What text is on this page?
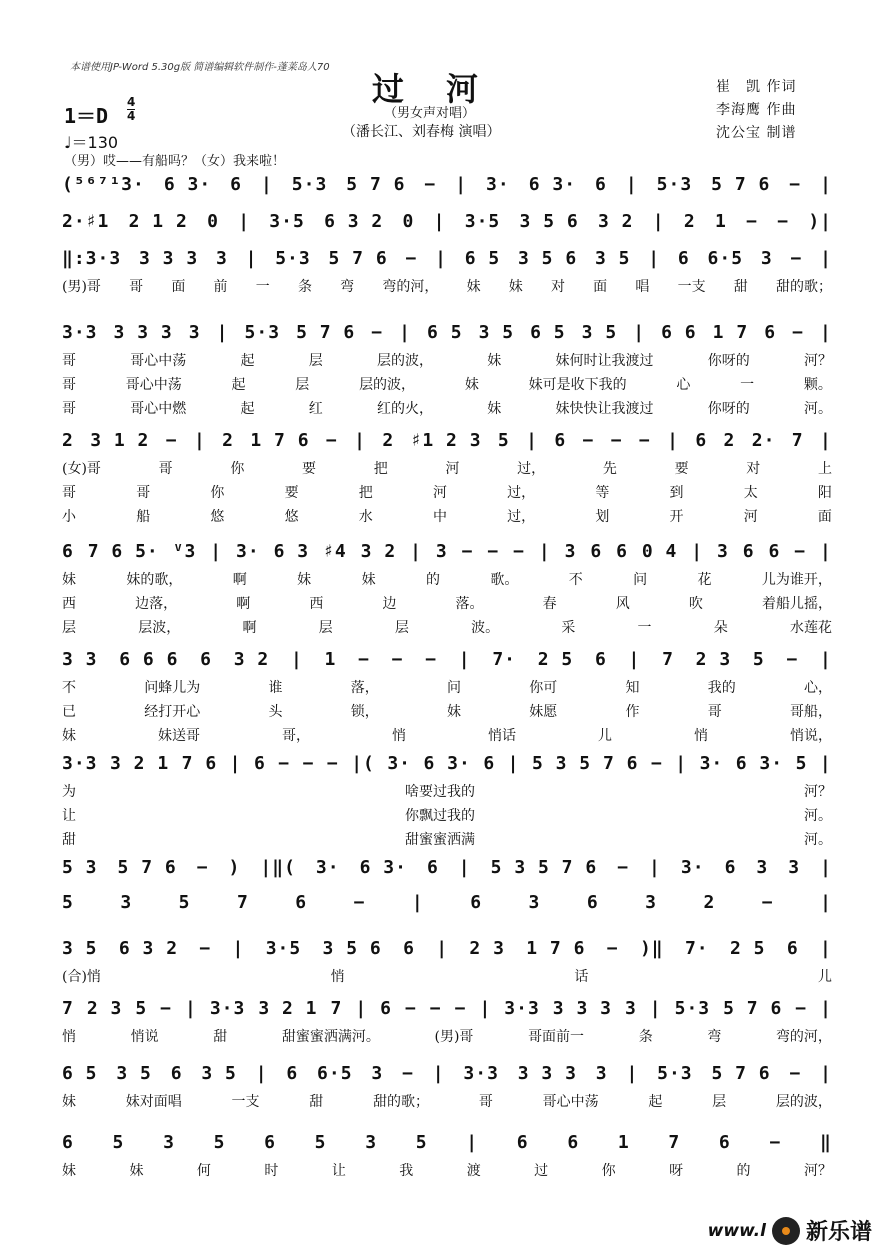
本谱使用JP-Word 5.30g版 简谱编辑软件制作-蓬莱岛人70
过河
（男女声对唱）
（潘长江、刘春梅 演唱）
崔　凯 作词
李海鹰 作曲
沈公宝 制谱
1＝D
4
4
♩＝130
（男）哎——有船吗？（女）我来啦！
(⁵⁶⁷¹3· 6 3· 6 | 5·3 5 7 6 − | 3· 6 3· 6 | 5·3 5 7 6 − |
2·♯1 2 1 2 0 | 3·5 6 3 2 0 | 3·5 3 5 6 3 2 | 2 1 − − )|
‖:3·3 3 3 3 3 | 5·3 5 7 6 − | 6 5 3 5 6 3 5 | 6 6·5 3 − |
(男)哥 哥 面 前 一 条 弯 弯的河， 妹 妹 对 面 唱 一支 甜 甜的歌；
3·3 3 3 3 3 | 5·3 5 7 6 − | 6 5 3 5 6 5 3 5 | 6 6 1 7 6 − |
哥	哥心中荡	起	层	层的波，	妹	妹何时让我渡过	你呀的	河？
哥	哥心中荡	起	层	层的波，	妹	妹可是收下我的	心	一	颗。
哥	哥心中燃	起	红	红的火，	妹	妹快快让我渡过	你呀的	河。
2 3 1 2 − | 2 1 7 6 − | 2 ♯1 2 3 5 | 6 − − − | 6 2 2· 7 |
(女)哥	哥	你	要	把	河	过，	先	要	对	上
哥	哥	你	要	把	河	过，	等	到	太	阳
小	船	悠	悠	水	中	过，	划	开	河	面
6 7 6 5· ⱽ3 | 3· 6 3 ♯4 3 2 | 3 − − − | 3 6 6 0 4 | 3 6 6 − |
妹	妹的歌，	啊	妹	妹	的	歌。	不	问	花	儿为谁开，
西	边落，	啊	西	边	落。	春	风	吹	着船儿摇，
层	层波，	啊	层	层	波。	采	一	朵	水莲花
3 3 6 6 6 6 3 2 | 1 − − − | 7· 2 5 6 | 7 2 3 5 − |
不	问蜂儿为	谁	落，	问	你可	知	我的	心，
已	经打开心	头	锁，	妹	妹愿	作	哥	哥船，
妹	妹送哥	哥，	悄	悄话	儿	悄	悄说，
3·3 3 2 1 7 6 | 6 − − − |( 3· 6 3· 6 | 5 3 5 7 6 − | 3· 6 3· 5 |
为	啥要过我的	河？
让	你飘过我的	河。
甜	甜蜜蜜洒满	河。
5 3 5 7 6 − ) |‖( 3· 6 3· 6 | 5 3 5 7 6 − | 3· 6 3 3 |
5	3	5	7	6	−	|	6	3	6	3	2	−	|
3 5 6 3 2 − | 3·5 3 5 6 6 | 2 3 1 7 6 − )‖ 7· 2 5 6 |
(合)悄	悄	话	儿
7 2 3 5 − | 3·3 3 2 1 7 | 6 − − − | 3·3 3 3 3 3 | 5·3 5 7 6 − |
悄	悄说	甜	甜蜜蜜洒满河。	(男)哥	哥面前一	条	弯	弯的河，
6 5 3 5 6 3 5 | 6 6·5 3 − | 3·3 3 3 3 3 | 5·3 5 7 6 − |
妹	妹对面唱	一支	甜	甜的歌；	哥	哥心中荡	起	层	层的波，
6 5 3 5 6 5 3 5 | 6 6 1 7 6 − ‖
妹	妹	何	时	让	我	渡	过	你	呀	的	河？
www.l 新乐谱
